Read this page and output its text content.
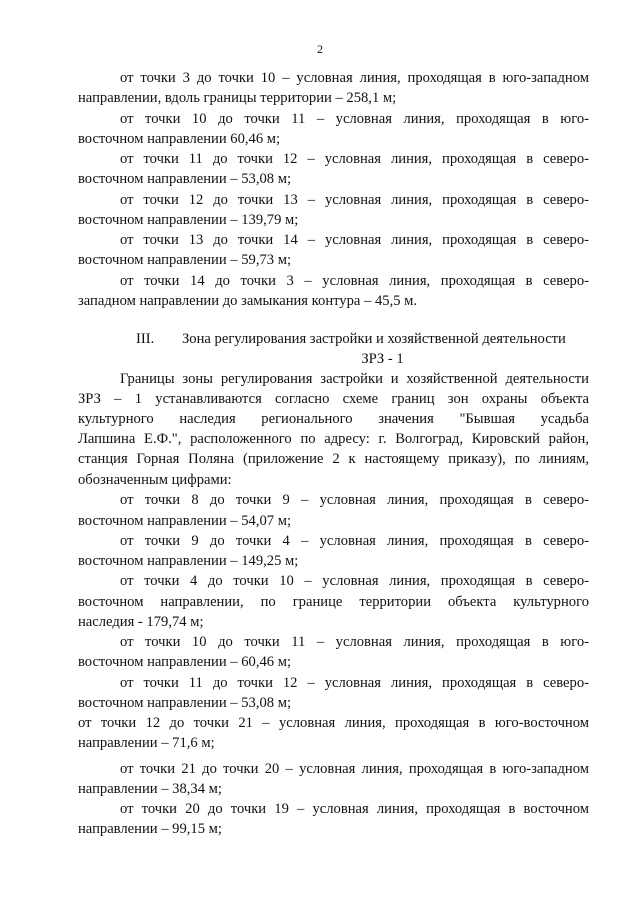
2
от точки 3 до точки 10 – условная линия, проходящая в юго-западном
направлении, вдоль границы территории – 258,1 м;
от точки 10 до точки 11 – условная линия, проходящая в юго-
восточном направлении 60,46 м;
от точки 11 до точки 12 – условная линия, проходящая в северо-
восточном направлении – 53,08 м;
от точки 12 до точки 13 – условная линия, проходящая в северо-
восточном направлении – 139,79 м;
от точки 13 до точки 14 – условная линия, проходящая в северо-
восточном направлении – 59,73 м;
от точки 14 до точки 3 – условная линия, проходящая в северо-
западном направлении до замыкания контура – 45,5 м.
III. Зона регулирования застройки и хозяйственной деятельности
ЗРЗ - 1
Границы зоны регулирования застройки и хозяйственной деятельности
ЗРЗ – 1 устанавливаются согласно схеме границ зон охраны объекта
культурного наследия регионального значения "Бывшая усадьба
Лапшина Е.Ф.", расположенного по адресу: г. Волгоград, Кировский район,
станция Горная Поляна (приложение 2 к настоящему приказу), по линиям,
обозначенным цифрами:
от точки 8 до точки 9 – условная линия, проходящая в северо-
восточном направлении – 54,07 м;
от точки 9 до точки 4 – условная линия, проходящая в северо-
восточном направлении – 149,25 м;
от точки 4 до точки 10 – условная линия, проходящая в северо-
восточном направлении, по границе территории объекта культурного
наследия - 179,74 м;
от точки 10 до точки 11 – условная линия, проходящая в юго-
восточном направлении – 60,46 м;
от точки 11 до точки 12 – условная линия, проходящая в северо-
восточном направлении – 53,08 м;
от точки 12 до точки 21 – условная линия, проходящая в юго-восточном
направлении – 71,6 м;
от точки 21 до точки 20 – условная линия, проходящая в юго-западном
направлении – 38,34 м;
от точки 20 до точки 19 – условная линия, проходящая в восточном
направлении – 99,15 м;
